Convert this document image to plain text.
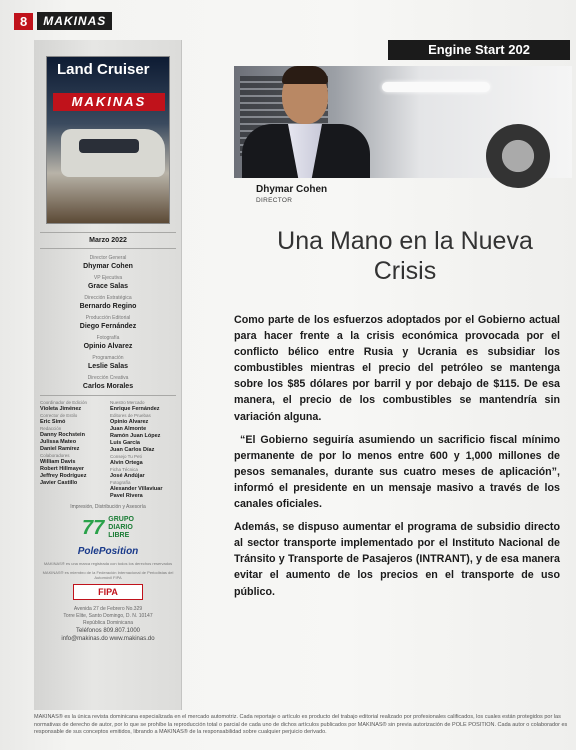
8	MAKINAS
Land Cruiser
MAKINAS
Marzo 2022
Director General
Dhymar Cohen
VP Ejecutiva
Grace Salas
Dirección Estratégica
Bernardo Regino
Producción Editorial
Diego Fernández
Fotografía
Opinio Alvarez
Programación
Leslie Salas
Dirección Creativa
Carlos Morales
Coordinador de Edición
Violeta Jiménez
Corrector de Estilo
Eric Simó
Redacción
Danny Rochstein
Julissa Mateo
Daniel Ramírez
Colaboradores
William Davis
Robert Hillmayer
Jeffrey Rodríguez
Javier Castillo
Nuestro Mercado
Enrique Fernández
Editores de Pruebas
Opinio Alvarez
Juan Almonte
Ramón Juan López
Luis García
Juan Carlos Díaz
Consejo Tu Peti
Alvin Ortega
Ficha Técnica
José Andújar
Fotografía
Alexander Villaviuar
Pavel Rivera
Impresión, Distribución y Asesoría
77 GRUPO
DIARIO
LIBRE
PolePosition
MAKINAS® es una marca registrada con todos los derechos reservados
MAKINAS® es miembro de la Federación Internacional de Periodistas del Automóvil FIPA
FIPA
Avenida 27 de Febrero No.329
Torre Elite, Santo Domingo, D. N. 10147
República Dominicana
Teléfonos 809.807.1000
info@makinas.do www.makinas.do
Engine Start 202
Dhymar Cohen
DIRECTOR
Una Mano en la Nueva Crisis

Como parte de los esfuerzos adoptados por el Gobierno actual para hacer frente a la crisis económica provocada por el conflicto bélico entre Rusia y Ucrania es subsidiar los combustibles mientras el precio del petróleo se mantenga sobre los $85 dólares por barril y por debajo de $115. De esa manera, el precio de los combustibles se mantendría sin variación alguna.

“El Gobierno seguiría asumiendo un sacrificio fiscal mínimo permanente de por lo menos entre 600 y 1,000 millones de pesos semanales, durante sus cuatro meses de aplicación”, informó el presidente en un mensaje masivo a través de los canales oficiales.

Además, se dispuso aumentar el programa de subsidio directo al sector transporte implementado por el Instituto Nacional de Tránsito y Transporte de Pasajeros (INTRANT), y de esa manera evitar el aumento de los precios en el transporte de uso público.

MAKINAS® es la única revista dominicana especializada en el mercado automotriz. Cada reportaje o artículo es producto del trabajo editorial realizado por profesionales calificados, los cuales están protegidos por las normativas de derecho de autor, por lo que se prohíbe la reproducción total o parcial de cada uno de dichos artículos publicados por MAKINAS® sin previa autorización de POLE POSITION. Cada autor o colaborador es responsable de sus conceptos emitidos, librando a MAKINAS® de la responsabilidad sobre cualquier perjuicio derivado.
